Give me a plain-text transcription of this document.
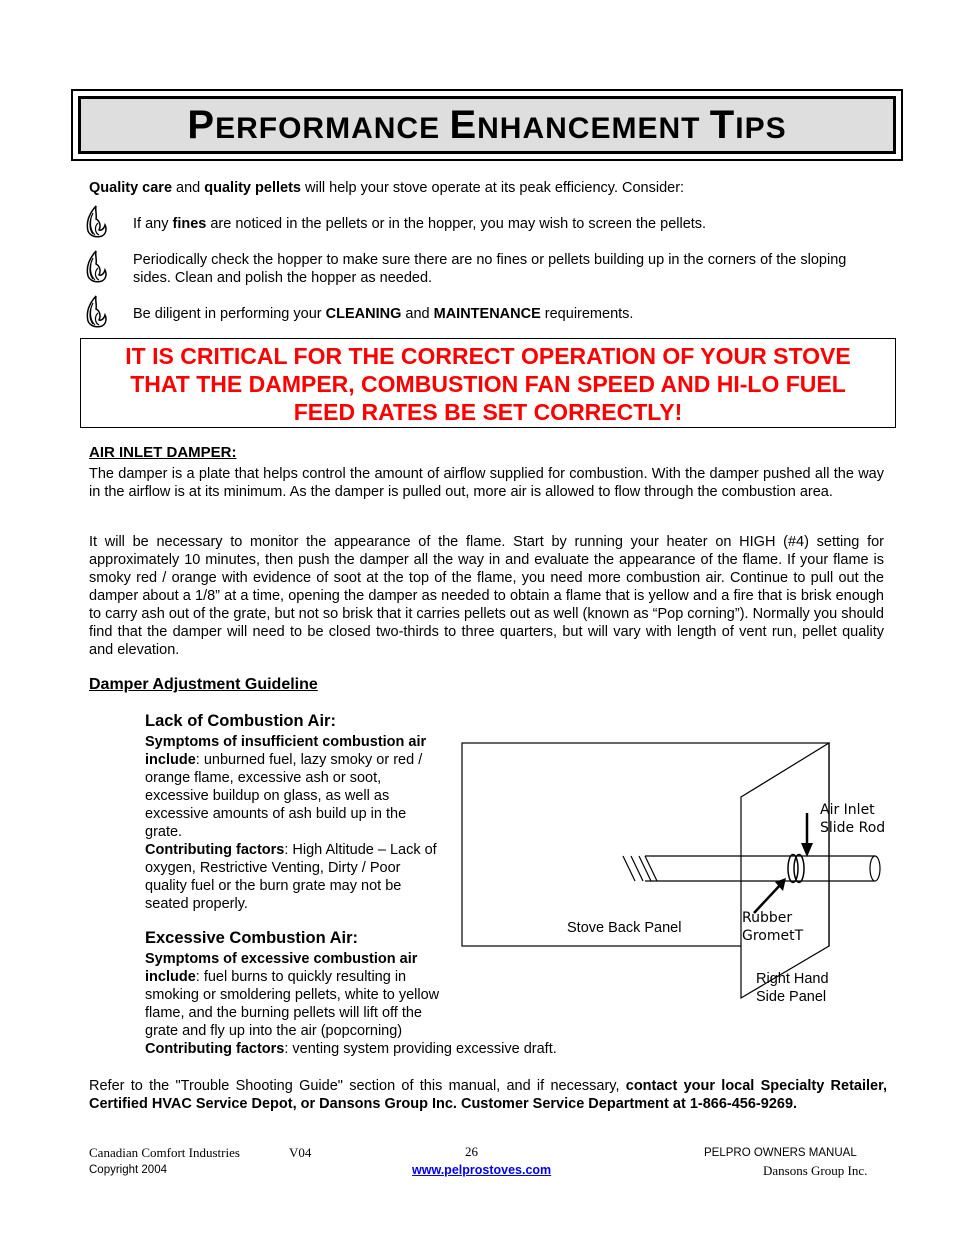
PERFORMANCE ENHANCEMENT TIPS
Quality care and quality pellets will help your stove operate at its peak efficiency. Consider:
If any fines are noticed in the pellets or in the hopper, you may wish to screen the pellets.
Periodically check the hopper to make sure there are no fines or pellets building up in the corners of the sloping sides. Clean and polish the hopper as needed.
Be diligent in performing your CLEANING and MAINTENANCE requirements.
IT IS CRITICAL FOR THE CORRECT OPERATION OF YOUR STOVE
THAT THE DAMPER, COMBUSTION FAN SPEED AND HI-LO FUEL
FEED RATES BE SET CORRECTLY!
AIR INLET DAMPER:
The damper is a plate that helps control the amount of airflow supplied for combustion. With the damper pushed all the way in the airflow is at its minimum. As the damper is pulled out, more air is allowed to flow through the combustion area.
It will be necessary to monitor the appearance of the flame. Start by running your heater on HIGH (#4) setting for approximately 10 minutes, then push the damper all the way in and evaluate the appearance of the flame. If your flame is smoky red / orange with evidence of soot at the top of the flame, you need more combustion air. Continue to pull out the damper about a 1/8” at a time, opening the damper as needed to obtain a flame that is yellow and a fire that is brisk enough to carry ash out of the grate, but not so brisk that it carries pellets out as well (known as “Pop corning”). Normally you should find that the damper will need to be closed two-thirds to three quarters, but will vary with length of vent run, pellet quality and elevation.
Damper Adjustment Guideline
Lack of Combustion Air:
Symptoms of insufficient combustion air include: unburned fuel, lazy smoky or red / orange flame, excessive ash or soot, excessive buildup on glass, as well as excessive amounts of ash build up in the grate.
Contributing factors: High Altitude – Lack of oxygen, Restrictive Venting, Dirty / Poor quality fuel or the burn grate may not be seated properly.
Excessive Combustion Air:
Symptoms of excessive combustion air include: fuel burns to quickly resulting in smoking or smoldering pellets, white to yellow flame, and the burning pellets will lift off the grate and fly up into the air (popcorning)
Contributing factors: venting system providing excessive draft.
Air Inlet
Slide Rod
Stove Back Panel
Rubber
GrometT
Right Hand
Side Panel
Refer to the "Trouble Shooting Guide" section of this manual, and if necessary, contact your local Specialty Retailer, Certified HVAC Service Depot, or Dansons Group Inc. Customer Service Department at 1-866-456-9269.
Canadian Comfort Industries	V04	26	PELPRO OWNERS MANUAL
Copyright 2004	www.pelprostoves.com	Dansons Group Inc.
